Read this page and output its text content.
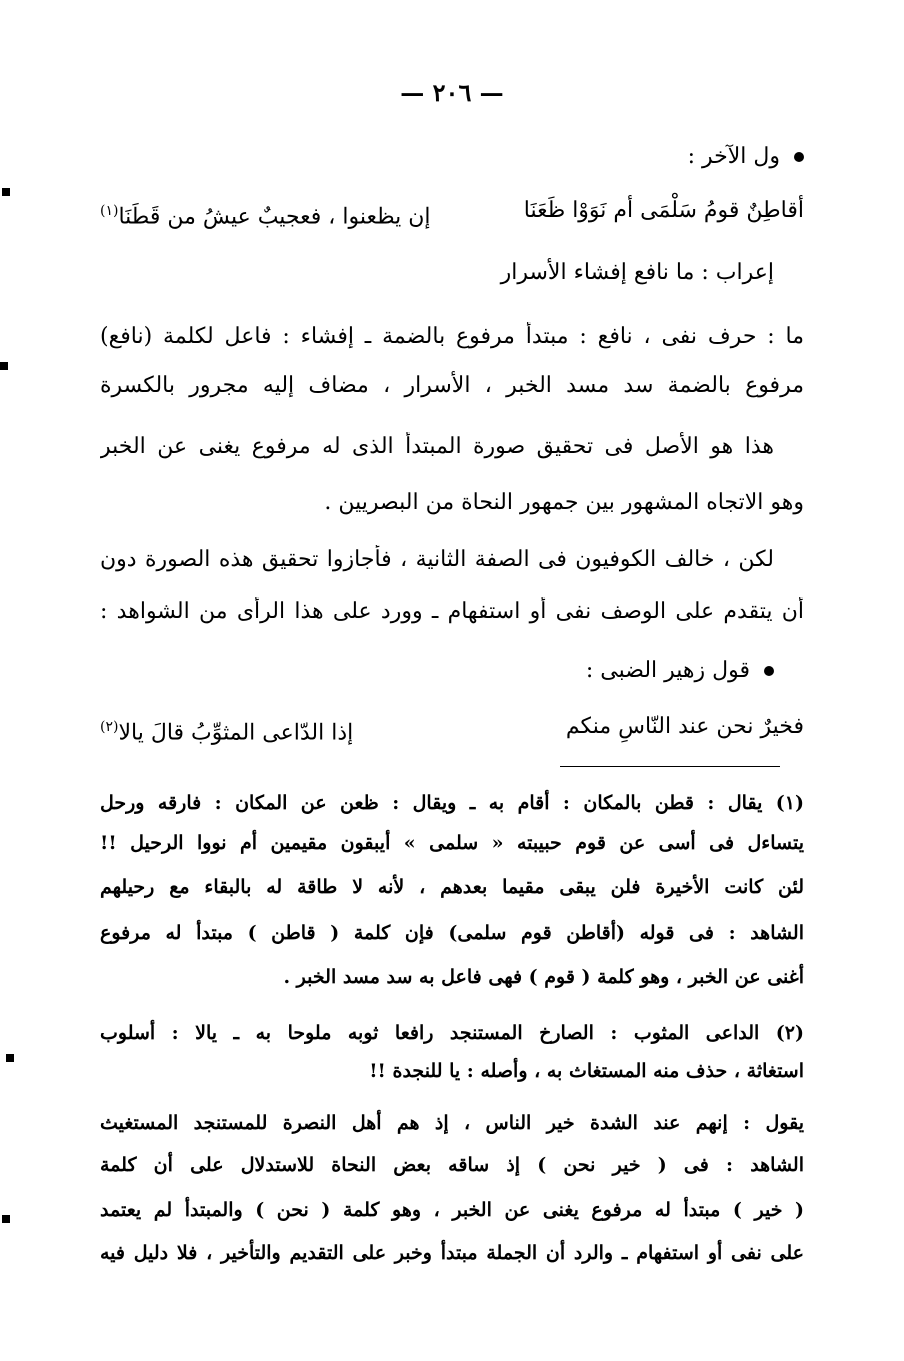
— ٢٠٦ —
ول الآخر :
أقاطِنٌ قومُ سَلْمَى أم نَوَوْا ظَعَنَا
إن يظعنوا ، فعجيبٌ عيشُ من قَطَنَا$^{(١)}$
إعراب : ما نافع إفشاء الأسرار
ما : حرف نفى ، نافع : مبتدأ مرفوع بالضمة ـ إفشاء : فاعل لكلمة (نافع)
مرفوع بالضمة سد مسد الخبر ، الأسرار ، مضاف إليه مجرور بالكسرة
هذا هو الأصل فى تحقيق صورة المبتدأ الذى له مرفوع يغنى عن الخبر
وهو الاتجاه المشهور بين جمهور النحاة من البصريين .
لكن ، خالف الكوفيون فى الصفة الثانية ، فأجازوا تحقيق هذه الصورة دون
أن يتقدم على الوصف نفى أو استفهام ـ وورد على هذا الرأى من الشواهد :
قول زهير الضبى :
فخيرٌ نحن عند النّاسِ منكم
إذا الدّاعى المثوِّبُ قالَ يالا$^{(٢)}$
(١) يقال : قطن بالمكان : أقام به ـ ويقال : ظعن عن المكان : فارقه ورحل
يتساءل فى أسى عن قوم حبيبته « سلمى » أيبقون مقيمين أم نووا الرحيل !!
لئن كانت الأخيرة فلن يبقى مقيما بعدهم ، لأنه لا طاقة له بالبقاء مع رحيلهم
الشاهد : فى قوله (أقاطن قوم سلمى) فإن كلمة ( قاطن ) مبتدأ له مرفوع
أغنى عن الخبر ، وهو كلمة ( قوم ) فهى فاعل به سد مسد الخبر .
(٢) الداعى المثوب : الصارخ المستنجد رافعا ثوبه ملوحا به ـ يالا : أسلوب
استغاثة ، حذف منه المستغاث به ، وأصله : يا للنجدة !!
يقول : إنهم عند الشدة خير الناس ، إذ هم أهل النصرة للمستنجد المستغيث
الشاهد : فى ( خير نحن ) إذ ساقه بعض النحاة للاستدلال على أن كلمة
( خير ) مبتدأ له مرفوع يغنى عن الخبر ، وهو كلمة ( نحن ) والمبتدأ لم يعتمد
على نفى أو استفهام ـ والرد أن الجملة مبتدأ وخبر على التقديم والتأخير ، فلا دليل فيه
